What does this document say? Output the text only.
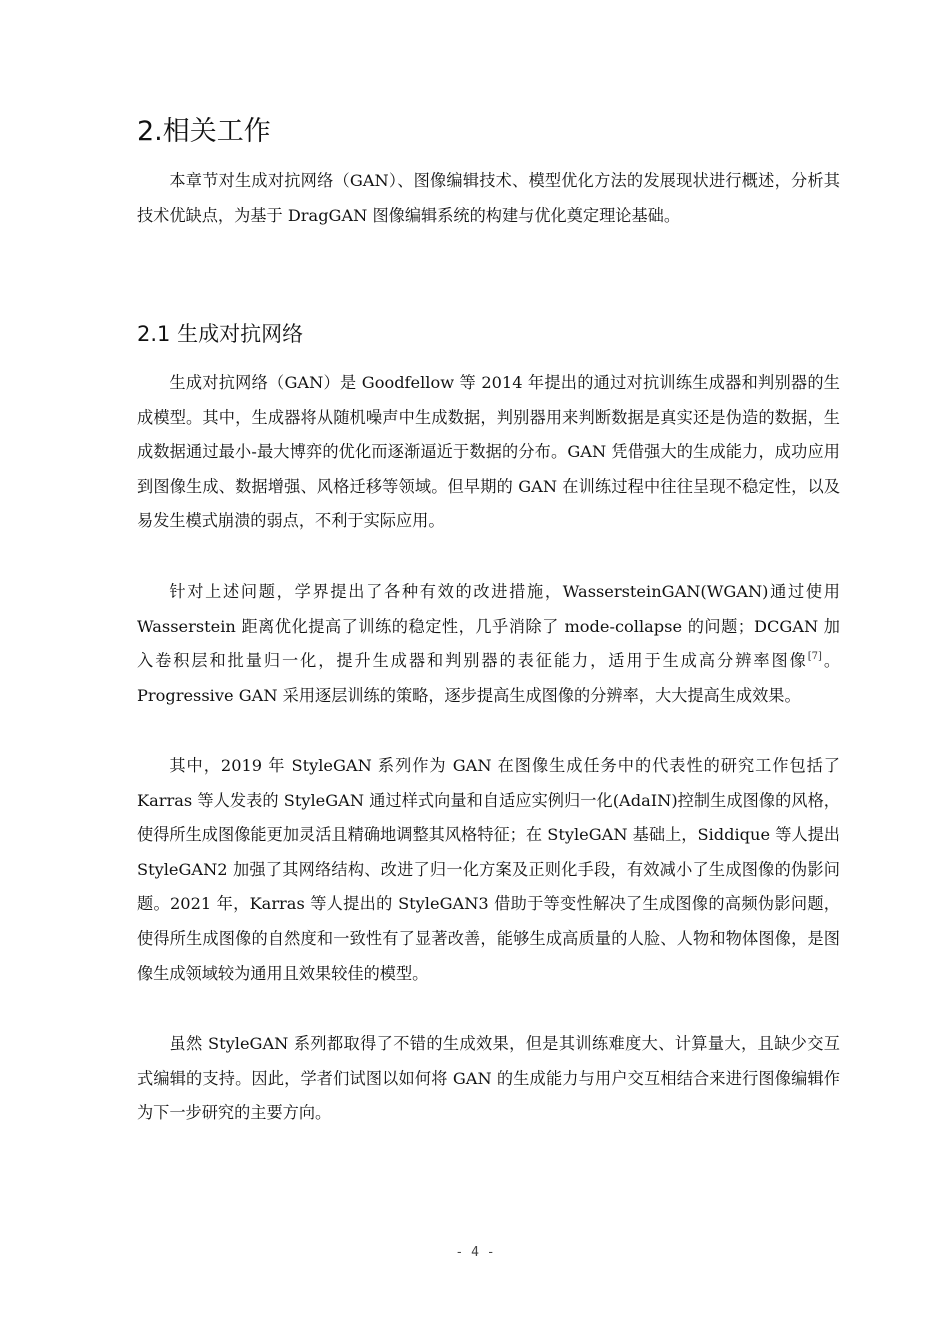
2.相关工作

本章节对生成对抗网络（GAN）、图像编辑技术、模型优化方法的发展现状进行概述，分析其技术优缺点，为基于 DragGAN 图像编辑系统的构建与优化奠定理论基础。

2.1 生成对抗网络

生成对抗网络（GAN）是 Goodfellow 等 2014 年提出的通过对抗训练生成器和判别器的生成模型。其中，生成器将从随机噪声中生成数据，判别器用来判断数据是真实还是伪造的数据，生成数据通过最小-最大博弈的优化而逐渐逼近于数据的分布。GAN 凭借强大的生成能力，成功应用到图像生成、数据增强、风格迁移等领域。但早期的 GAN 在训练过程中往往呈现不稳定性，以及易发生模式崩溃的弱点，不利于实际应用。

针对上述问题，学界提出了各种有效的改进措施，WassersteinGAN(WGAN)通过使用 Wasserstein 距离优化提高了训练的稳定性，几乎消除了 mode-collapse 的问题；DCGAN 加入卷积层和批量归一化，提升生成器和判别器的表征能力，适用于生成高分辨率图像[7]。Progressive GAN 采用逐层训练的策略，逐步提高生成图像的分辨率，大大提高生成效果。

其中，2019 年 StyleGAN 系列作为 GAN 在图像生成任务中的代表性的研究工作包括了 Karras 等人发表的 StyleGAN 通过样式向量和自适应实例归一化(AdaIN)控制生成图像的风格，使得所生成图像能更加灵活且精确地调整其风格特征；在 StyleGAN 基础上，Siddique 等人提出 StyleGAN2 加强了其网络结构、改进了归一化方案及正则化手段，有效减小了生成图像的伪影问题。2021 年，Karras 等人提出的 StyleGAN3 借助于等变性解决了生成图像的高频伪影问题，使得所生成图像的自然度和一致性有了显著改善，能够生成高质量的人脸、人物和物体图像，是图像生成领域较为通用且效果较佳的模型。

虽然 StyleGAN 系列都取得了不错的生成效果，但是其训练难度大、计算量大，且缺少交互式编辑的支持。因此，学者们试图以如何将 GAN 的生成能力与用户交互相结合来进行图像编辑作为下一步研究的主要方向。

- 4 -
